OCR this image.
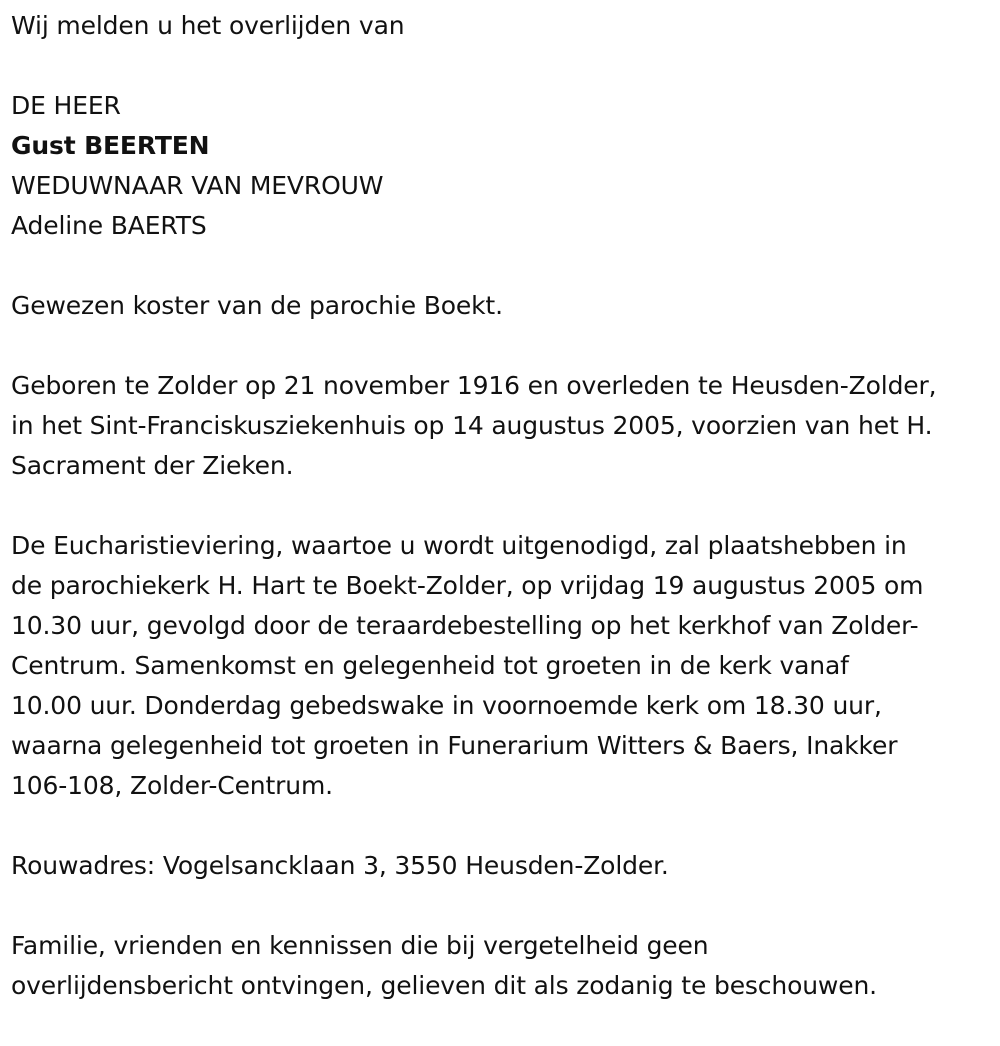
Wij melden u het overlijden van

DE HEER

Gust BEERTEN

WEDUWNAAR VAN MEVROUW

Adeline BAERTS

Gewezen koster van de parochie Boekt.

Geboren te Zolder op 21 november 1916 en overleden te Heusden-Zolder,

in het Sint-Franciskusziekenhuis op 14 augustus 2005, voorzien van het H.

Sacrament der Zieken.

De Eucharistieviering, waartoe u wordt uitgenodigd, zal plaatshebben in

de parochiekerk H. Hart te Boekt-Zolder, op vrijdag 19 augustus 2005 om

10.30 uur, gevolgd door de teraardebestelling op het kerkhof van Zolder-

Centrum. Samenkomst en gelegenheid tot groeten in de kerk vanaf

10.00 uur. Donderdag gebedswake in voornoemde kerk om 18.30 uur,

waarna gelegenheid tot groeten in Funerarium Witters & Baers, Inakker

106-108, Zolder-Centrum.

Rouwadres: Vogelsancklaan 3, 3550 Heusden-Zolder.

Familie, vrienden en kennissen die bij vergetelheid geen

overlijdensbericht ontvingen, gelieven dit als zodanig te beschouwen.
